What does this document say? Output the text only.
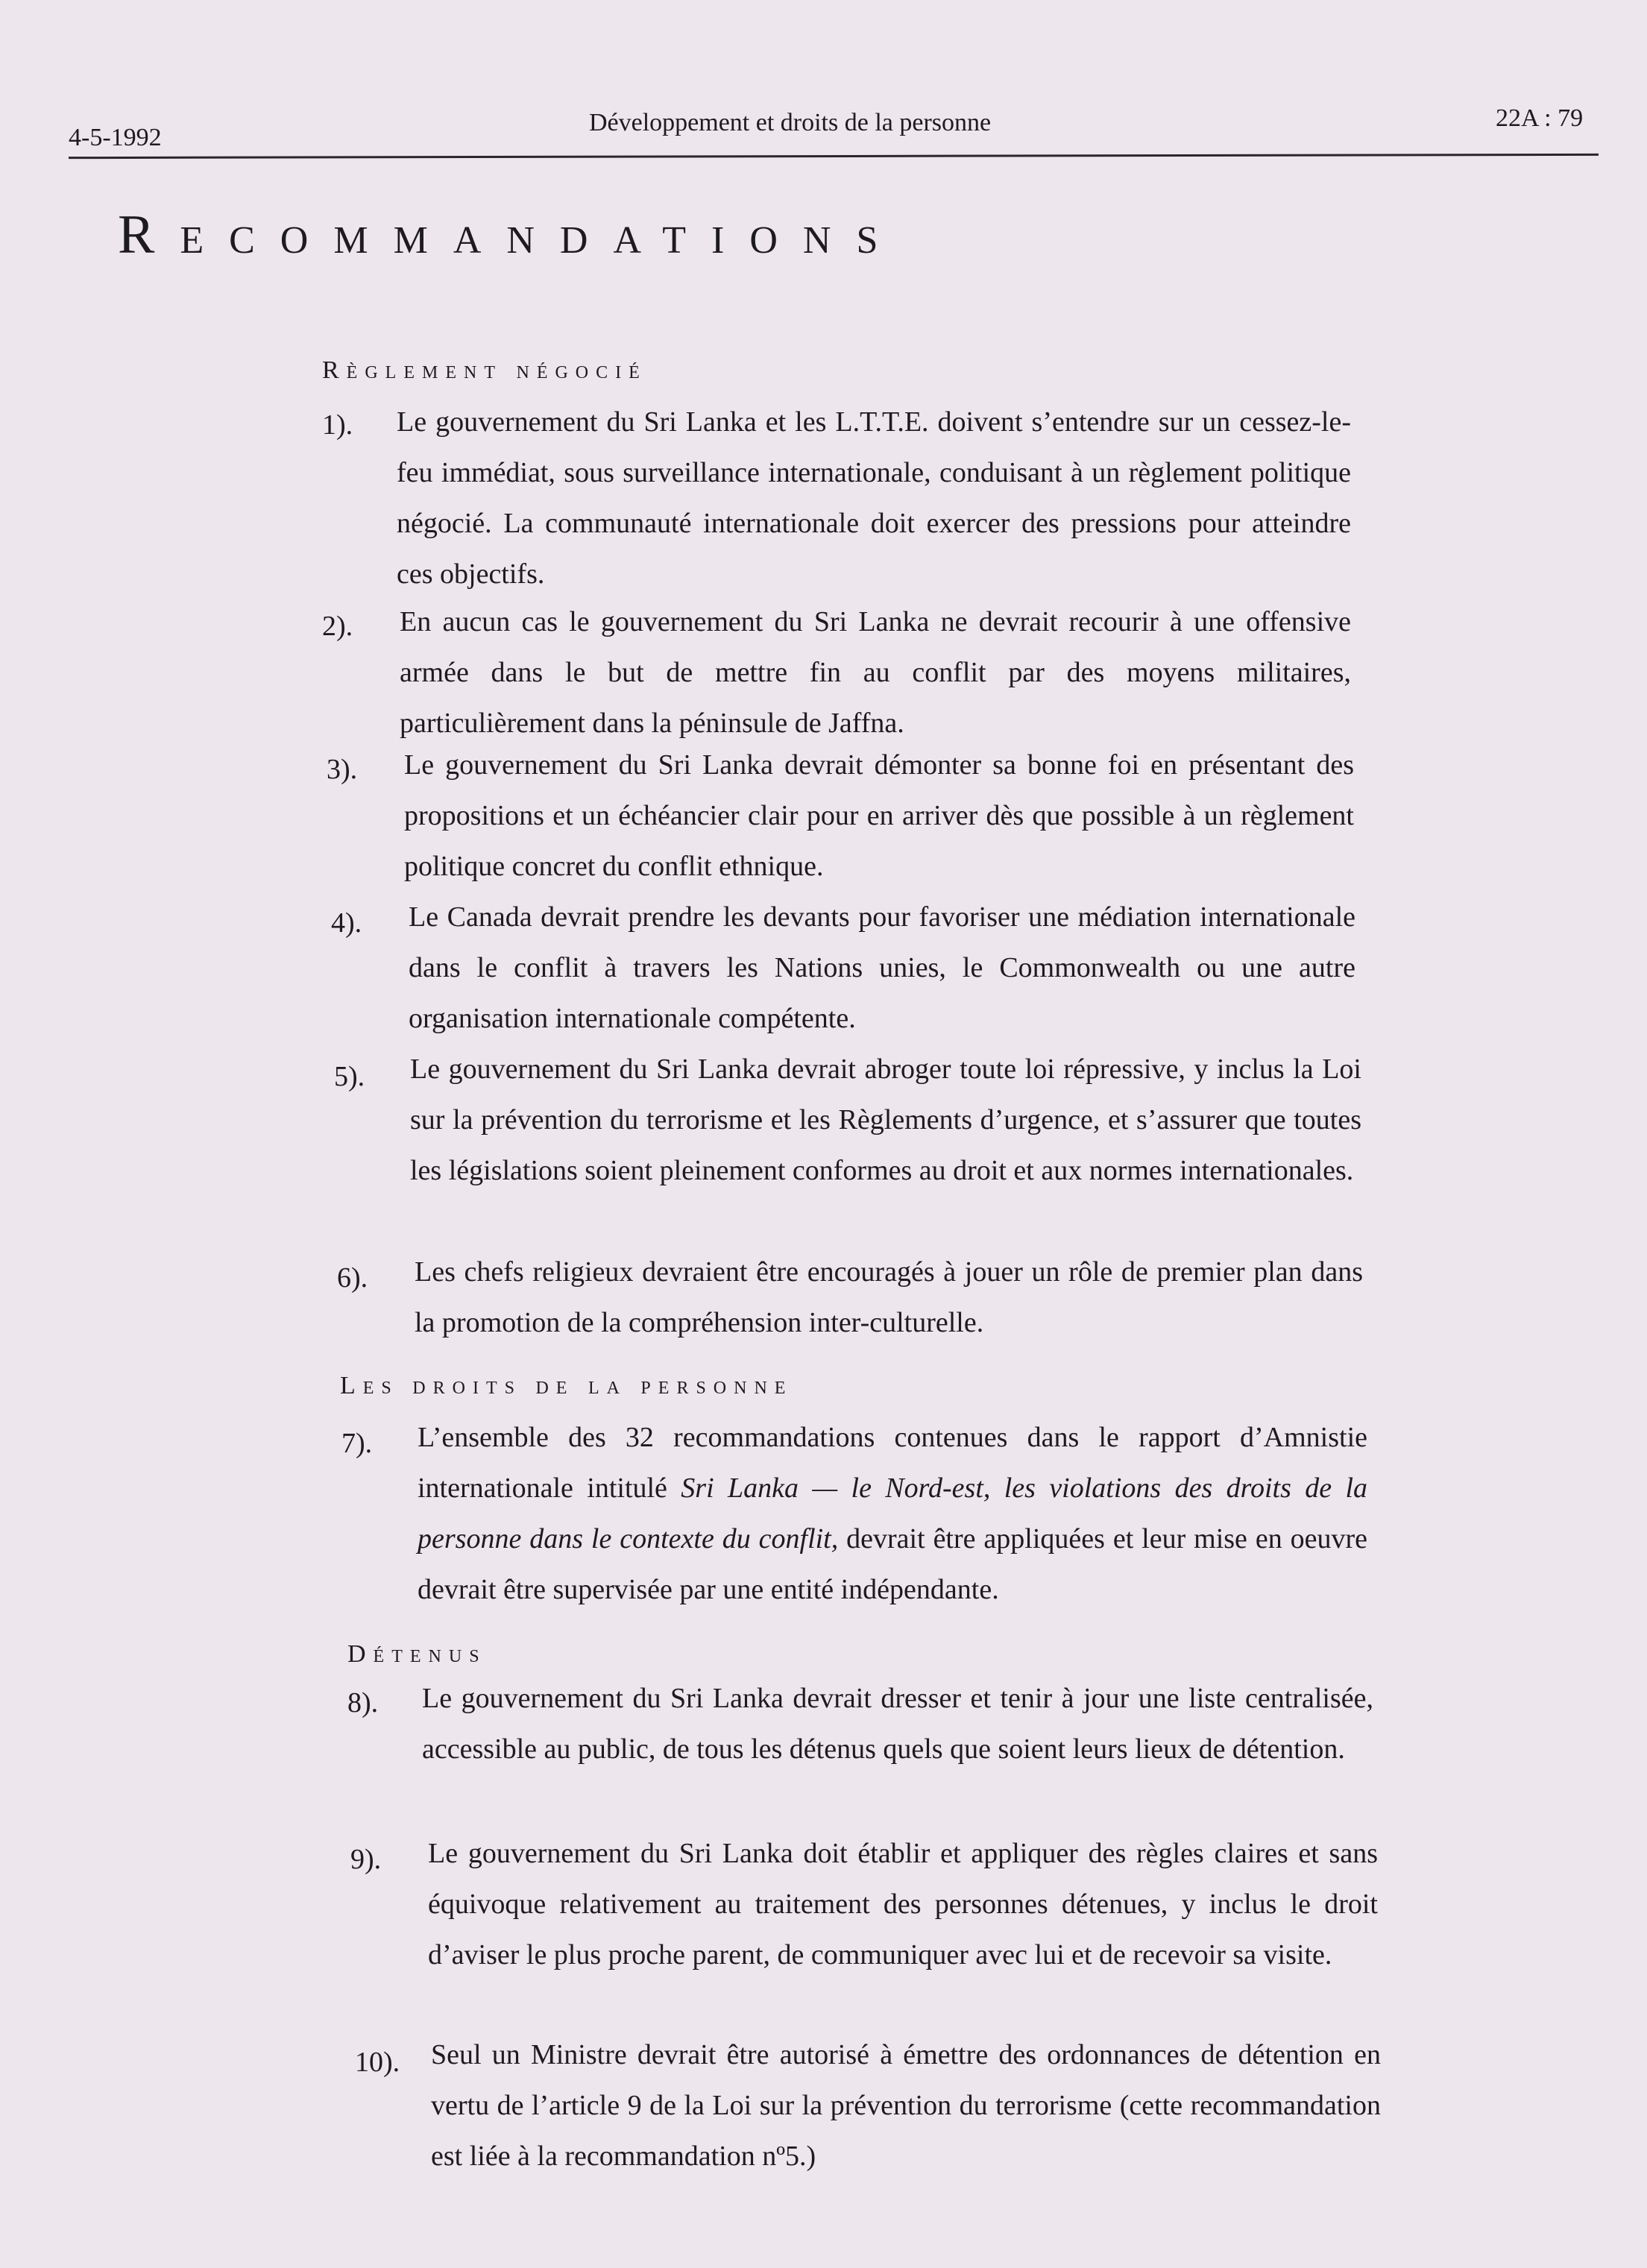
4-5-1992
Développement et droits de la personne	22A : 79
Recommandations
Règlement négocié
1). Le gouvernement du Sri Lanka et les L.T.T.E. doivent s’entendre sur un cessez-le-feu immédiat, sous surveillance internationale, conduisant à un règlement politique négocié. La communauté internationale doit exercer des pressions pour atteindre ces objectifs.
2). En aucun cas le gouvernement du Sri Lanka ne devrait recourir à une offensive armée dans le but de mettre fin au conflit par des moyens militaires, particulièrement dans la péninsule de Jaffna.
3). Le gouvernement du Sri Lanka devrait démonter sa bonne foi en présentant des propositions et un échéancier clair pour en arriver dès que possible à un règlement politique concret du conflit ethnique.
4). Le Canada devrait prendre les devants pour favoriser une médiation internationale dans le conflit à travers les Nations unies, le Commonwealth ou une autre organisation internationale compétente.
5). Le gouvernement du Sri Lanka devrait abroger toute loi répressive, y inclus la Loi sur la prévention du terrorisme et les Règlements d’urgence, et s’assurer que toutes les législations soient pleinement conformes au droit et aux normes internationales.
6). Les chefs religieux devraient être encouragés à jouer un rôle de premier plan dans la promotion de la compréhension inter-culturelle.
Les droits de la personne
7). L’ensemble des 32 recommandations contenues dans le rapport d’Amnistie internationale intitulé Sri Lanka — le Nord-est, les violations des droits de la personne dans le contexte du conflit, devrait être appliquées et leur mise en oeuvre devrait être supervisée par une entité indépendante.
Détenus
8). Le gouvernement du Sri Lanka devrait dresser et tenir à jour une liste centralisée, accessible au public, de tous les détenus quels que soient leurs lieux de détention.
9). Le gouvernement du Sri Lanka doit établir et appliquer des règles claires et sans équivoque relativement au traitement des personnes détenues, y inclus le droit d’aviser le plus proche parent, de communiquer avec lui et de recevoir sa visite.
10). Seul un Ministre devrait être autorisé à émettre des ordonnances de détention en vertu de l’article 9 de la Loi sur la prévention du terrorisme (cette recommandation est liée à la recommandation nº5.)
